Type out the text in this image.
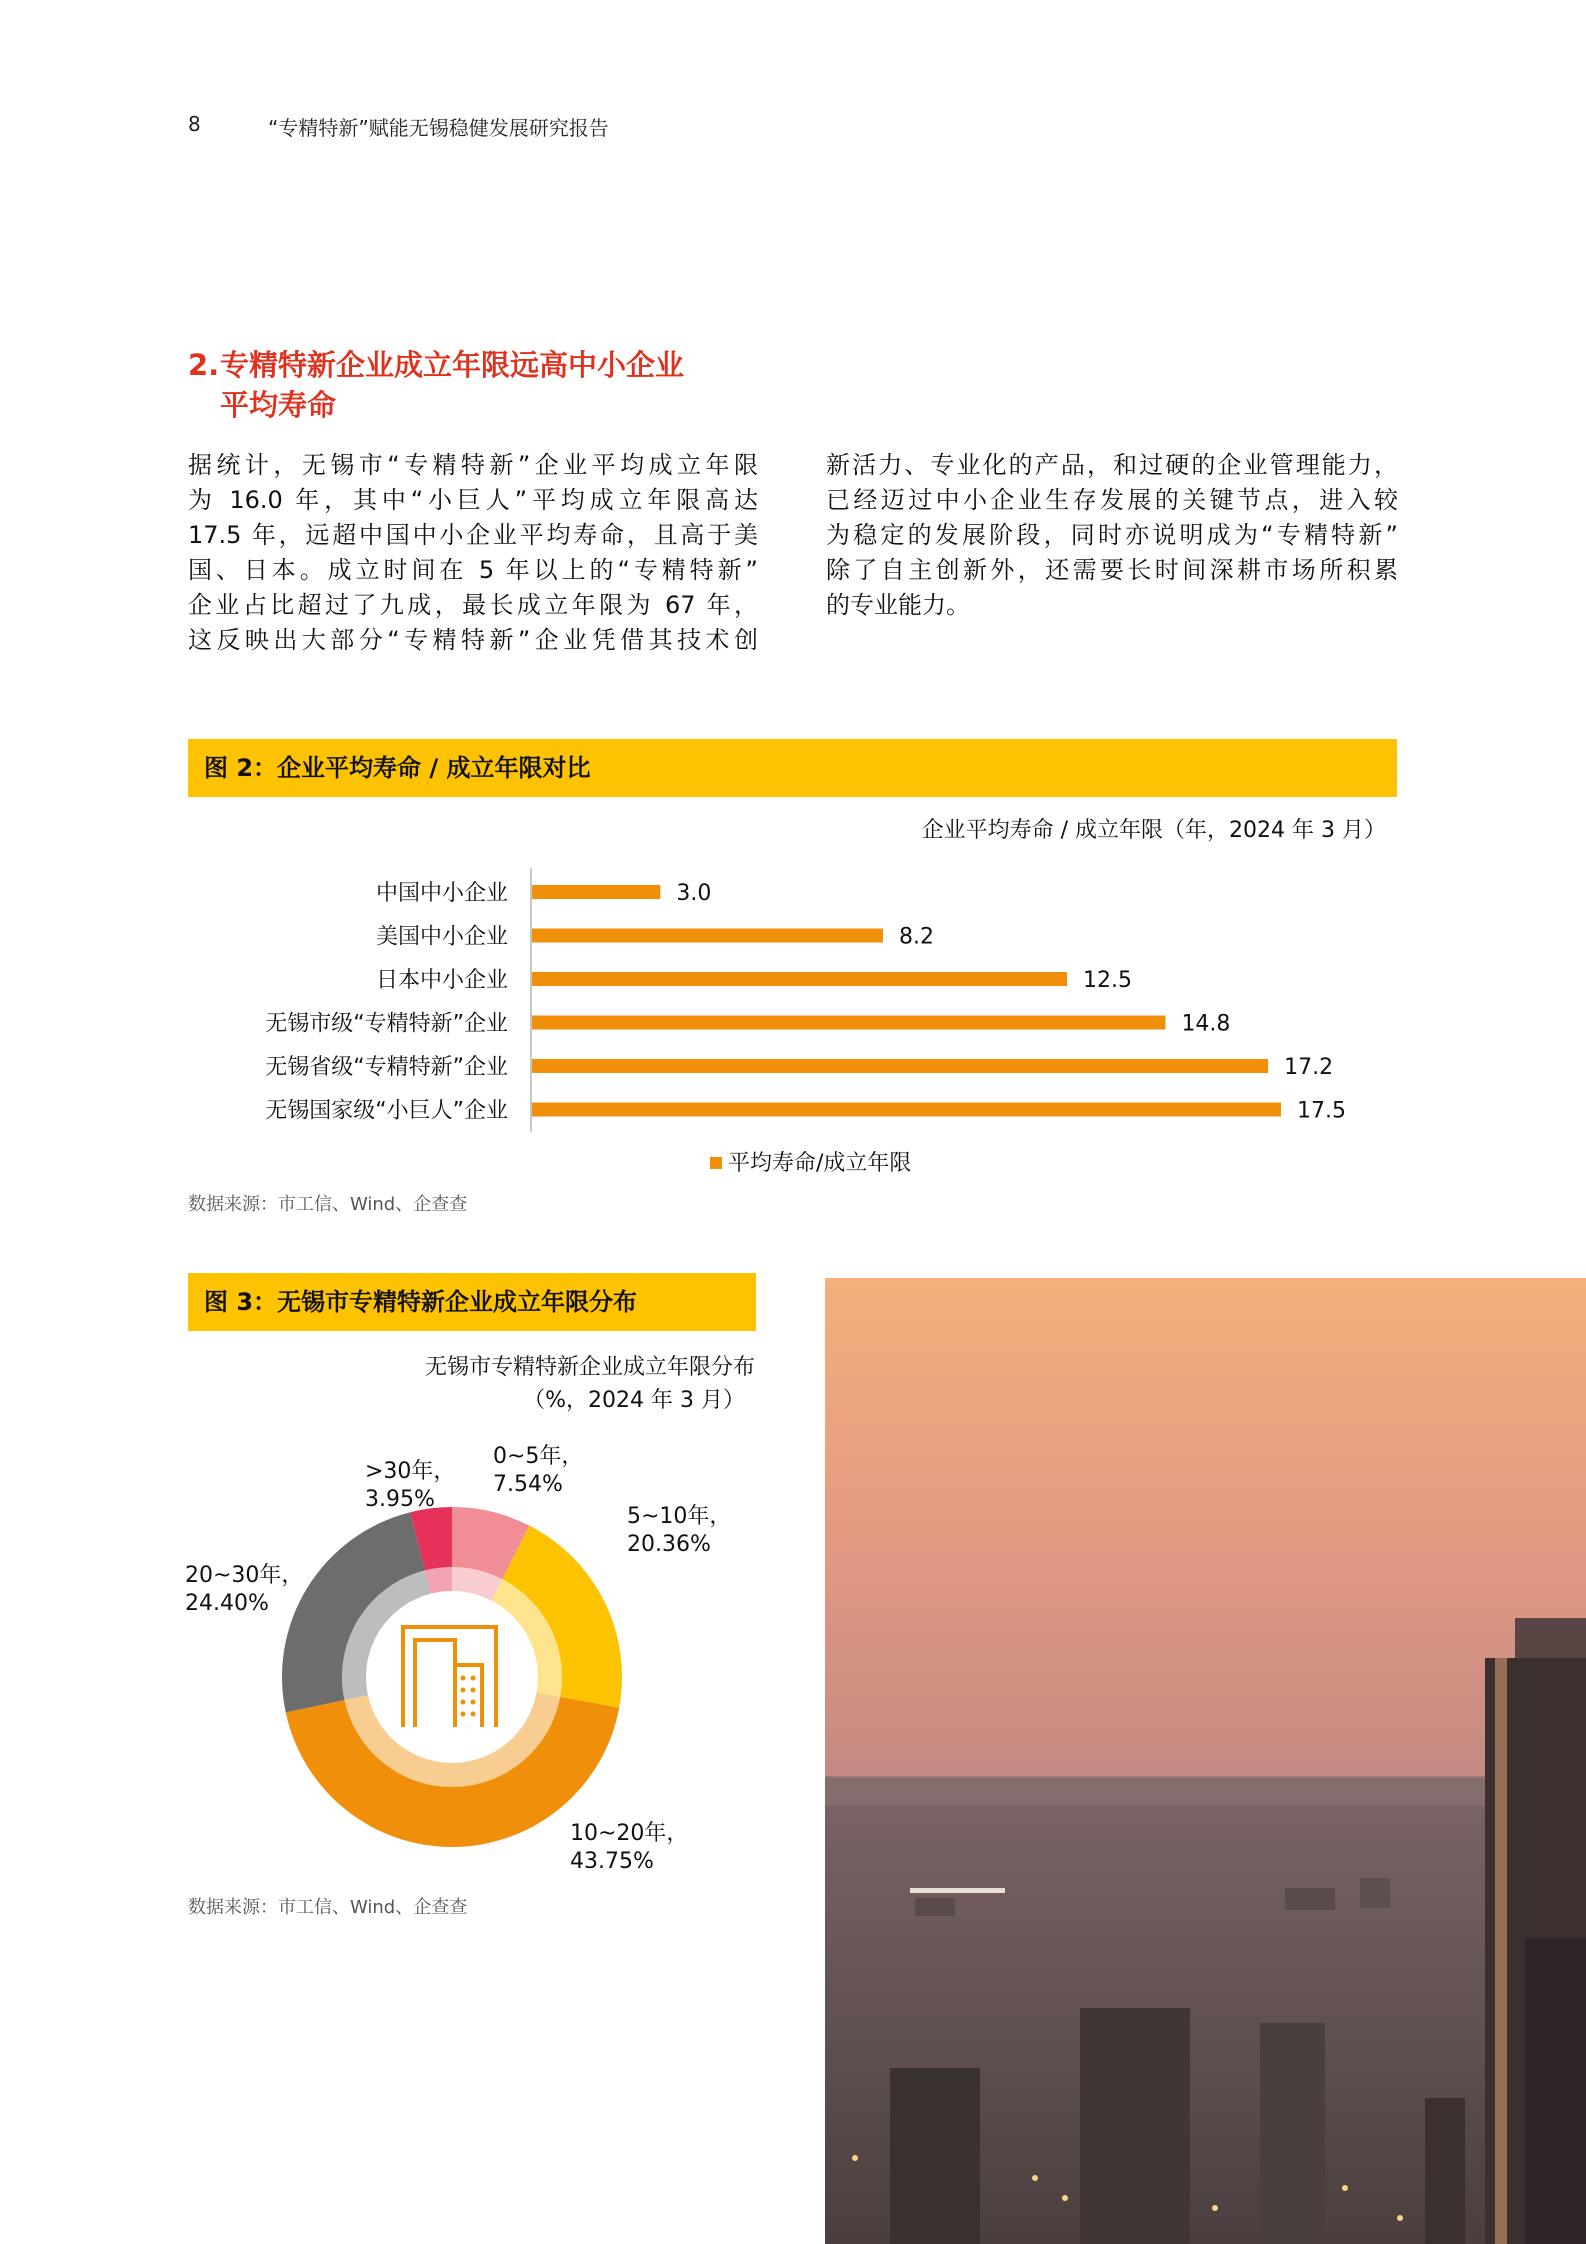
8	“专精特新”赋能无锡稳健发展研究报告
2. 专精特新企业成立年限远高中小企业
平均寿命
据统计，无锡市“专精特新”企业平均成立年限
为 16.0 年，其中“小巨人”平均成立年限高达
17.5 年，远超中国中小企业平均寿命，且高于美
国、日本。成立时间在 5 年以上的“专精特新”
企业占比超过了九成，最长成立年限为 67 年，
这反映出大部分“专精特新”企业凭借其技术创
新活力、专业化的产品，和过硬的企业管理能力，
已经迈过中小企业生存发展的关键节点，进入较
为稳定的发展阶段，同时亦说明成为“专精特新”
除了自主创新外，还需要长时间深耕市场所积累
的专业能力。
图 2：企业平均寿命 / 成立年限对比
企业平均寿命 / 成立年限（年，2024 年 3 月）
中国中小企业	3.0
美国中小企业	8.2
日本中小企业	12.5
无锡市级“专精特新”企业	14.8
无锡省级“专精特新”企业	17.2
无锡国家级“小巨人”企业	17.5
平均寿命/成立年限
数据来源：市工信、Wind、企查查
图 3：无锡市专精特新企业成立年限分布
无锡市专精特新企业成立年限分布
（%，2024 年 3 月）
0~5年，
7.54%
5~10年，
20.36%
10~20年，
43.75%
20~30年，
24.40%
>30年，
3.95%
数据来源：市工信、Wind、企查查
